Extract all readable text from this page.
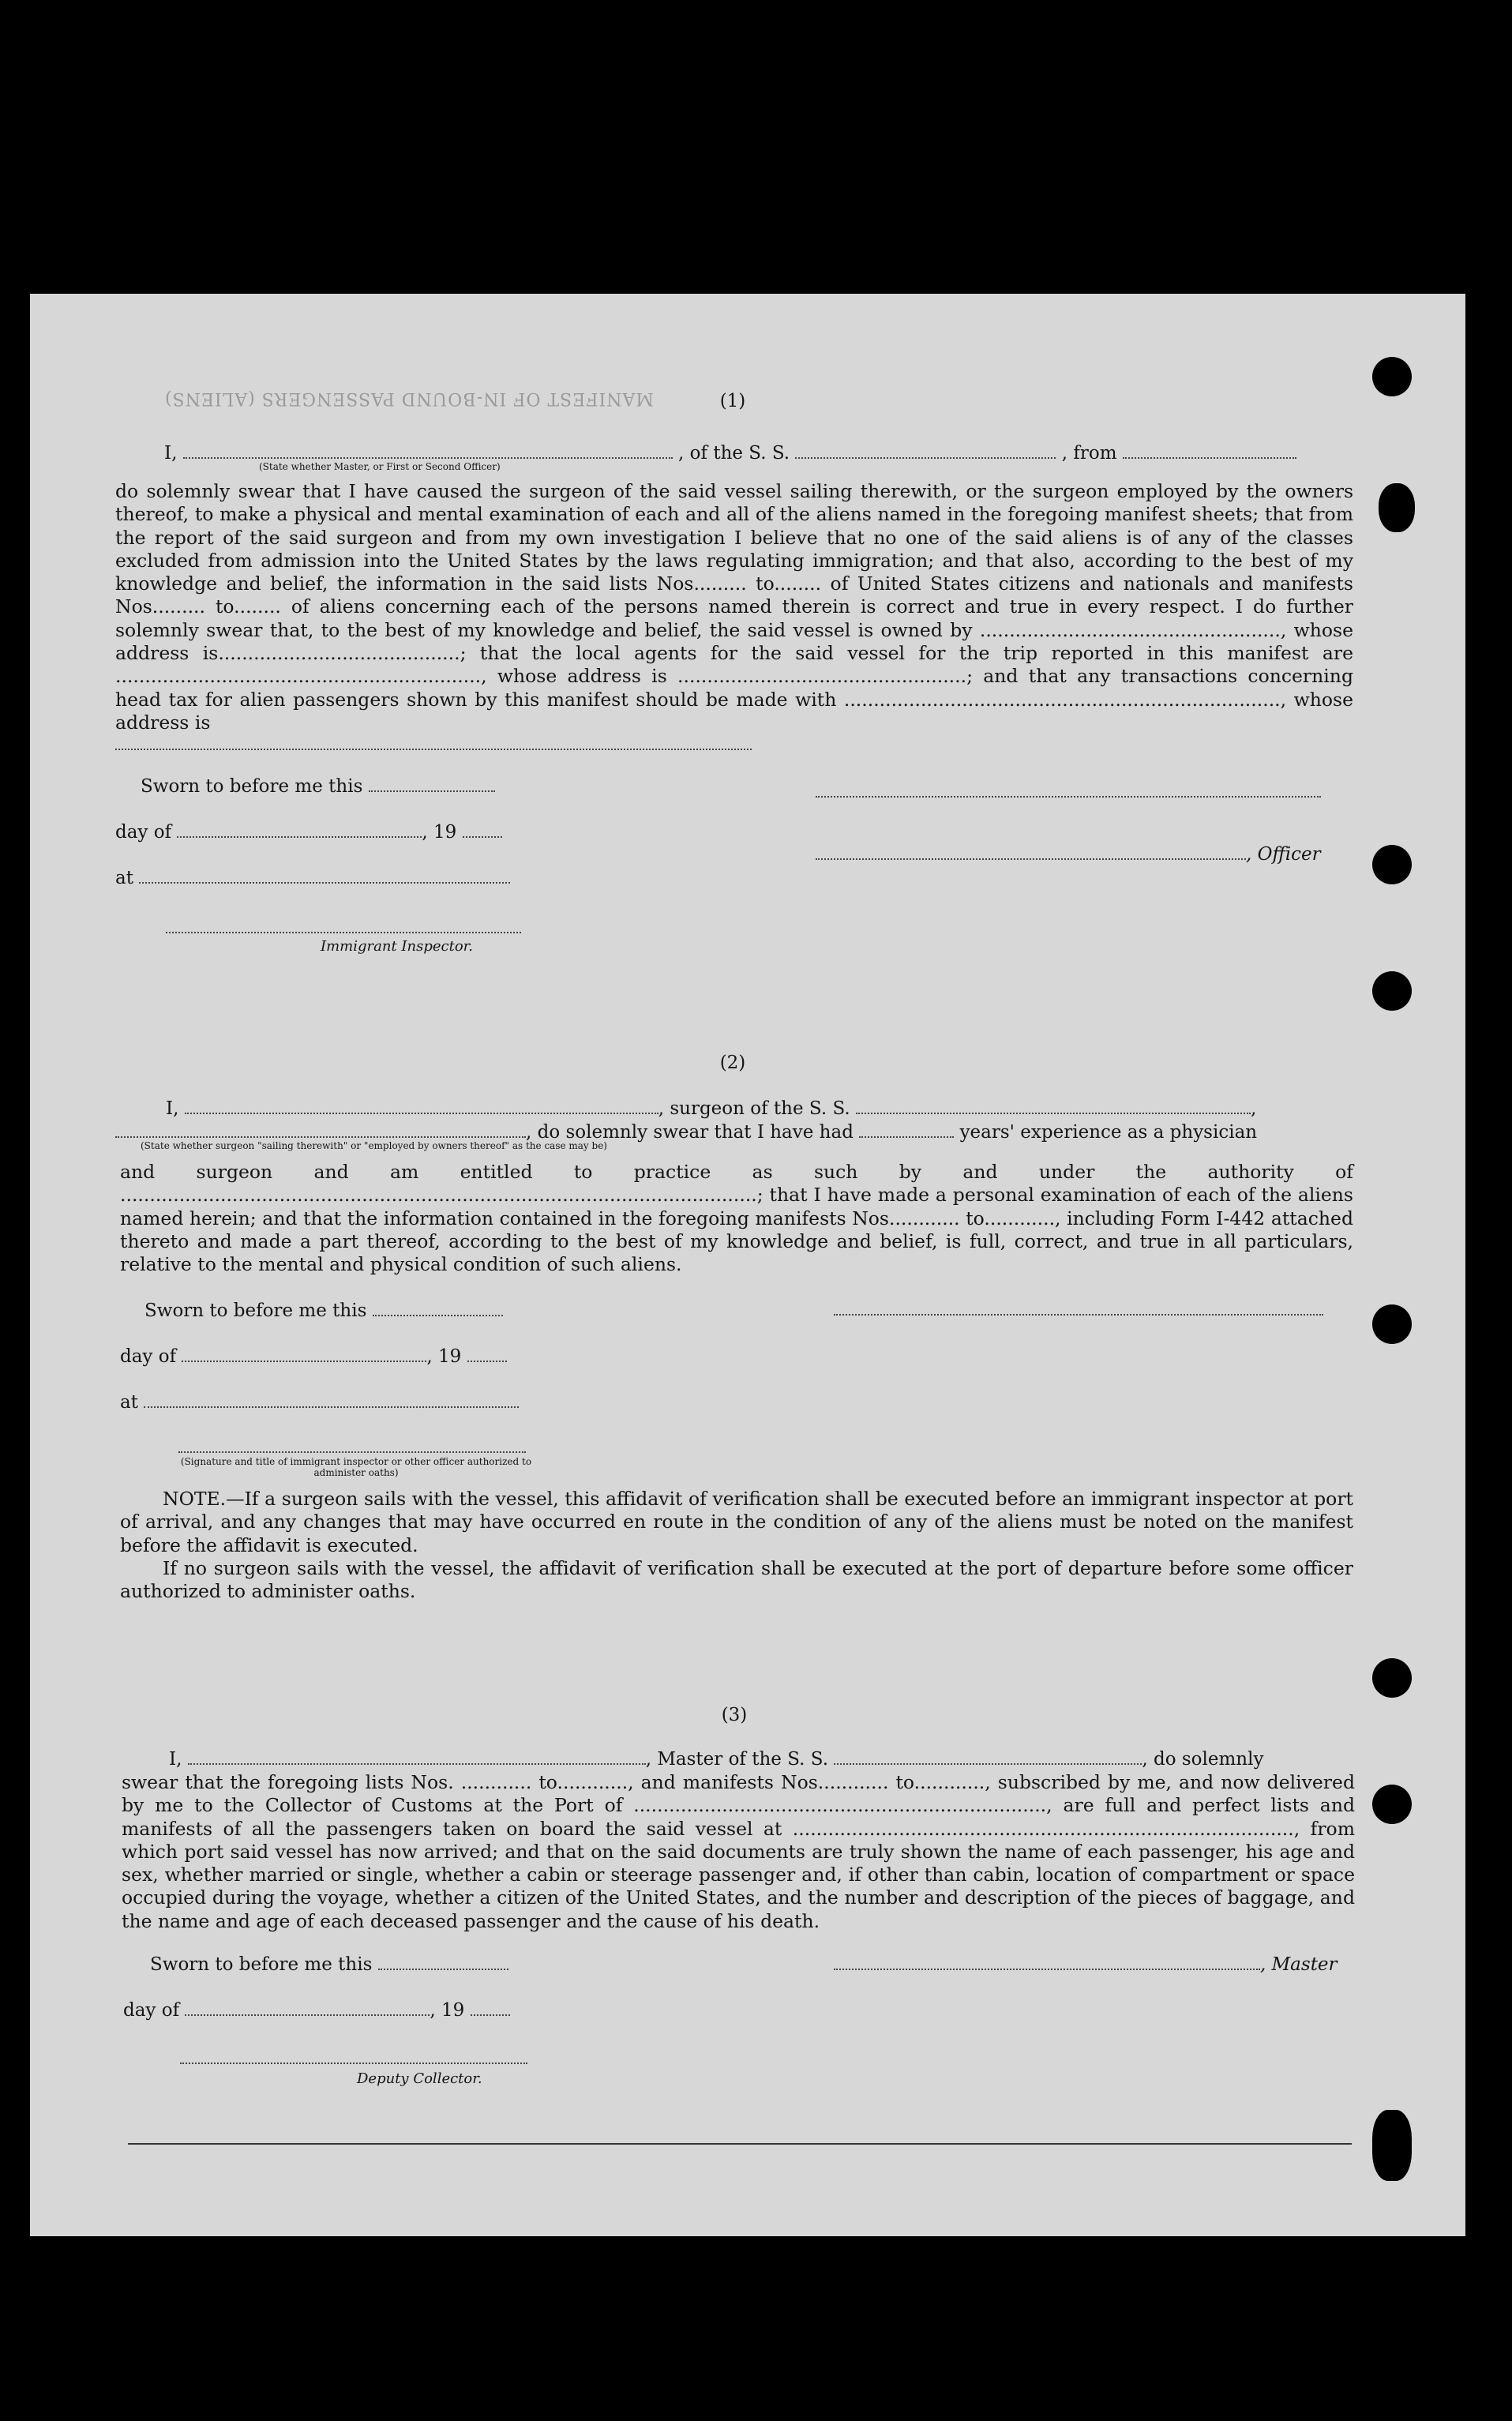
MANIFEST OF IN-BOUND PASSENGERS (ALIENS)	(1)
I,	, of the S. S.	, from
(State whether Master, or First or Second Officer)
do solemnly swear that I have caused the surgeon of the said vessel sailing therewith, or the surgeon employed by the owners thereof, to make a physical and mental examination of each and all of the aliens named in the foregoing manifest sheets; that from the report of the said surgeon and from my own investigation I believe that no one of the said aliens is of any of the classes excluded from admission into the United States by the laws regulating immigration; and that also, according to the best of my knowledge and belief, the information in the said lists Nos......... to........ of United States citizens and nationals and manifests Nos......... to........ of aliens concerning each of the persons named therein is correct and true in every respect. I do further solemnly swear that, to the best of my knowledge and belief, the said vessel is owned by ..................................................., whose address is.........................................; that the local agents for the said vessel for the trip reported in this manifest are .............................................................., whose address is .................................................; and that any transactions concerning head tax for alien passengers shown by this manifest should be made with .........................................................................., whose address is
Sworn to before me this
day of	, 19
, Officer
at
Immigrant Inspector.
(2)
I,	, surgeon of the S. S.	,
, do solemnly swear that I have had	years' experience as a physician
(State whether surgeon "sailing therewith" or "employed by owners thereof" as the case may be)
and surgeon and am entitled to practice as such by and under the authority of ............................................................................................................; that I have made a personal examination of each of the aliens named herein; and that the information contained in the foregoing manifests Nos............ to............, including Form I-442 attached thereto and made a part thereof, according to the best of my knowledge and belief, is full, correct, and true in all particulars, relative to the mental and physical condition of such aliens.
Sworn to before me this
day of	, 19
at
(Signature and title of immigrant inspector or other officer authorized to administer oaths)
NOTE.—If a surgeon sails with the vessel, this affidavit of verification shall be executed before an immigrant inspector at port of arrival, and any changes that may have occurred en route in the condition of any of the aliens must be noted on the manifest before the affidavit is executed.
If no surgeon sails with the vessel, the affidavit of verification shall be executed at the port of departure before some officer authorized to administer oaths.
(3)
I,	, Master of the S. S.	, do solemnly
swear that the foregoing lists Nos. ............ to............, and manifests Nos............ to............, subscribed by me, and now delivered by me to the Collector of Customs at the Port of ......................................................................, are full and perfect lists and manifests of all the passengers taken on board the said vessel at ....................................................................................., from which port said vessel has now arrived; and that on the said documents are truly shown the name of each passenger, his age and sex, whether married or single, whether a cabin or steerage passenger and, if other than cabin, location of compartment or space occupied during the voyage, whether a citizen of the United States, and the number and description of the pieces of baggage, and the name and age of each deceased passenger and the cause of his death.
Sworn to before me this	, Master
day of	, 19
Deputy Collector.
